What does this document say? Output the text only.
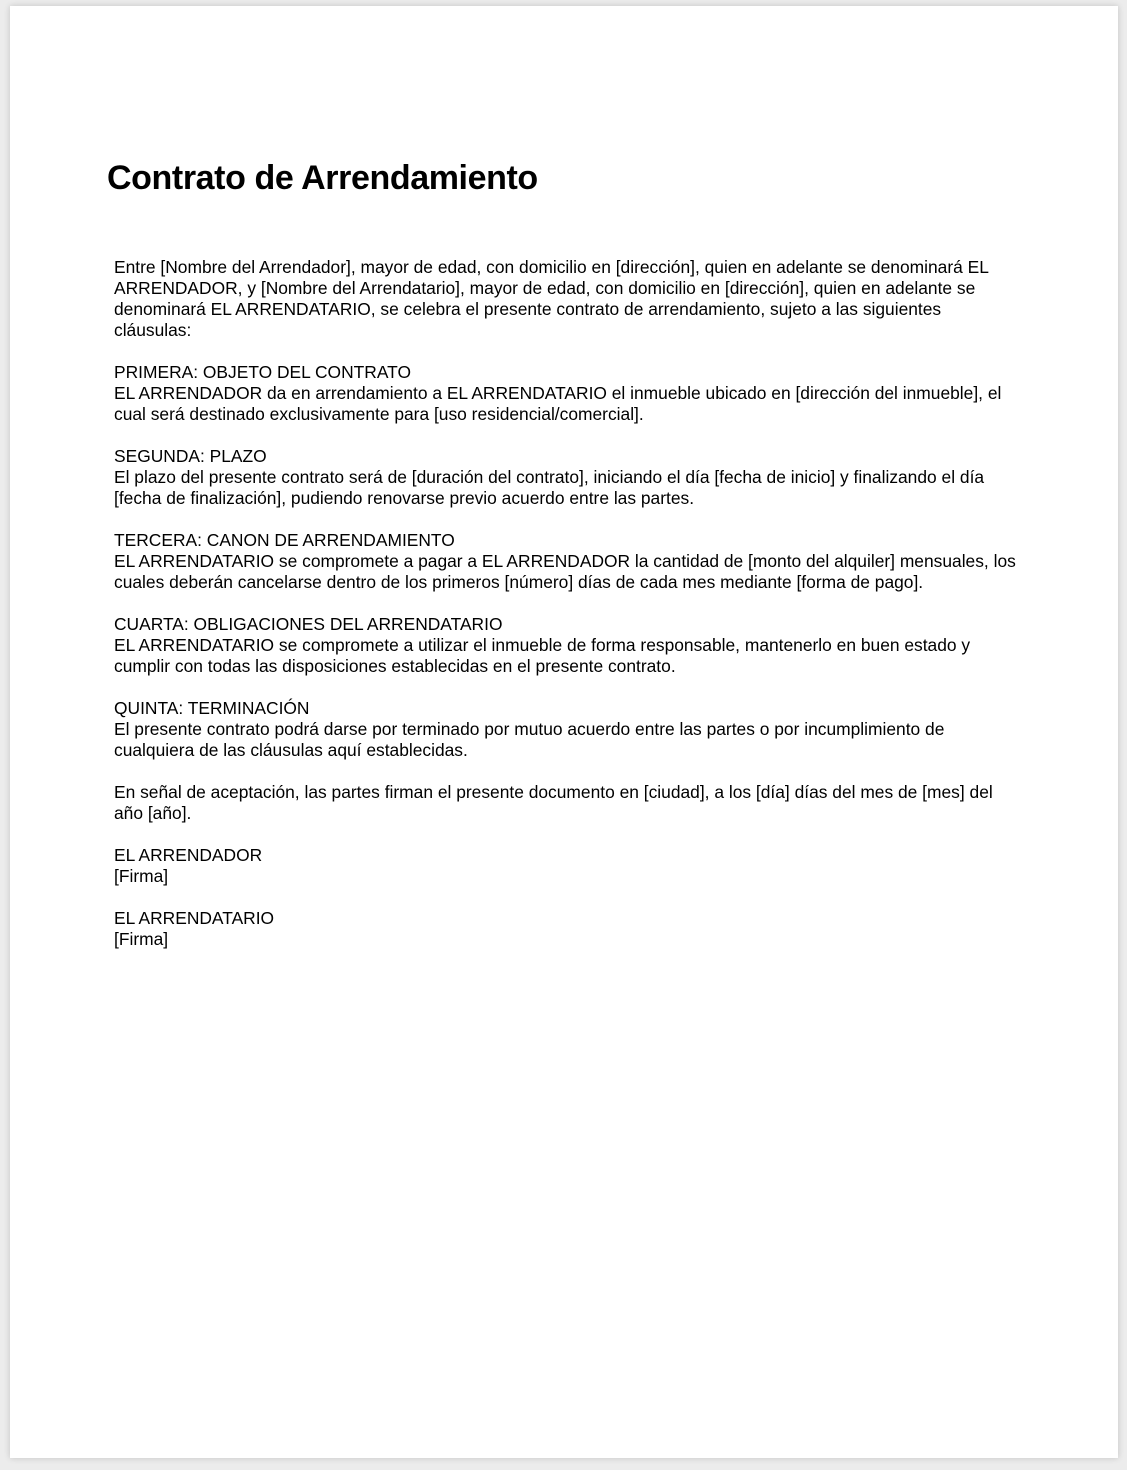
Contrato de Arrendamiento

Entre [Nombre del Arrendador], mayor de edad, con domicilio en [dirección], quien en adelante se denominará EL ARRENDADOR, y [Nombre del Arrendatario], mayor de edad, con domicilio en [dirección], quien en adelante se denominará EL ARRENDATARIO, se celebra el presente contrato de arrendamiento, sujeto a las siguientes cláusulas:

PRIMERA: OBJETO DEL CONTRATO
EL ARRENDADOR da en arrendamiento a EL ARRENDATARIO el inmueble ubicado en [dirección del inmueble], el cual será destinado exclusivamente para [uso residencial/comercial].

SEGUNDA: PLAZO
El plazo del presente contrato será de [duración del contrato], iniciando el día [fecha de inicio] y finalizando el día [fecha de finalización], pudiendo renovarse previo acuerdo entre las partes.

TERCERA: CANON DE ARRENDAMIENTO
EL ARRENDATARIO se compromete a pagar a EL ARRENDADOR la cantidad de [monto del alquiler] mensuales, los cuales deberán cancelarse dentro de los primeros [número] días de cada mes mediante [forma de pago].

CUARTA: OBLIGACIONES DEL ARRENDATARIO
EL ARRENDATARIO se compromete a utilizar el inmueble de forma responsable, mantenerlo en buen estado y cumplir con todas las disposiciones establecidas en el presente contrato.

QUINTA: TERMINACIÓN
El presente contrato podrá darse por terminado por mutuo acuerdo entre las partes o por incumplimiento de cualquiera de las cláusulas aquí establecidas.

En señal de aceptación, las partes firman el presente documento en [ciudad], a los [día] días del mes de [mes] del año [año].

EL ARRENDADOR
[Firma]

EL ARRENDATARIO
[Firma]
